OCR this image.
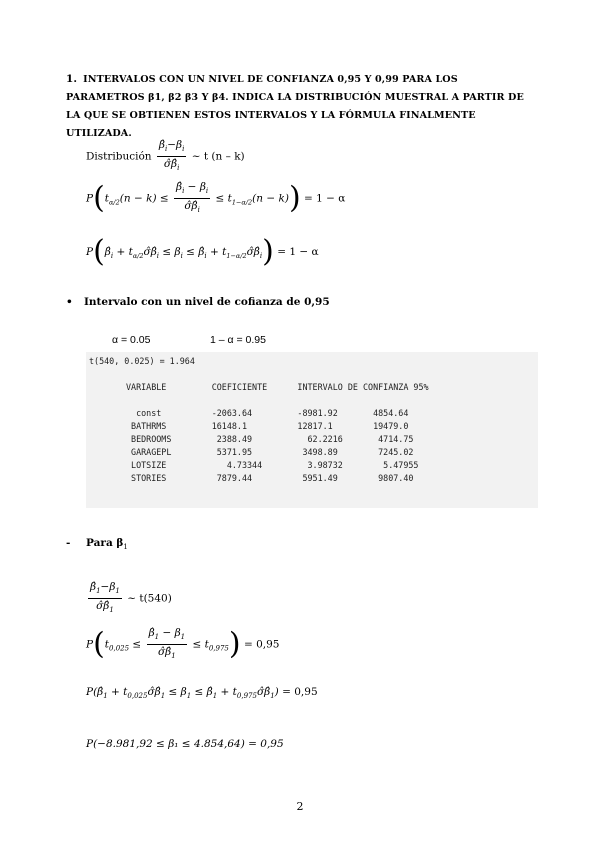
1. INTERVALOS CON UN NIVEL DE CONFIANZA 0,95 Y 0,99 PARA LOS PARAMETROS β1, β2 β3 Y β4. INDICA LA DISTRIBUCIÓN MUESTRAL A PARTIR DE LA QUE SE OBTIENEN ESTOS INTERVALOS Y LA FÓRMULA FINALMENTE UTILIZADA.
Distribución $\frac{\betâ_i-\beta_i}{\sigmâ\betâ_i}$ ~ t (n – k)
$P(t_{\alpha/2}(n - k) \le \frac{\betâ_i - \beta_i}{\sigmâ\betâ_i} \le t_{1-\alpha/2}(n - k)) = 1 - \alpha$
$P(\betâ_i$ + $t_{\alpha/2}\sigmâ\betâ_i \le \beta_i$ ≤ $\betâ_i$ + $t_{1-\alpha/2}\sigmâ\betâ_i) = 1 - \alpha$
• Intervalo con un nivel de cofianza de 0,95
α = 0.05	1 – α = 0.95
t(540, 0.025) = 1.964
VARIABLE         COEFICIENTE      INTERVALO DE CONFIANZA 95%
const          -2063.64         -8981.92       4854.64
BATHRMS         16148.1          12817.1        19479.0
BEDROOMS         2388.49           62.2216       4714.75
GARAGEPL         5371.95          3498.89        7245.02
LOTSIZE            4.73344         3.98732        5.47955
STORIES          7879.44          5951.49        9807.40
- Para $\beta_1$
$\frac{\betâ_1-\beta_1}{\sigmâ\betâ_1}$ ~ t(540)
$P(t_{0,025} \le \frac{\betâ_1 - \beta_1}{\sigmâ\betâ_1} \le t_{0,975}) = 0,95$
$P(\betâ_1$ + $t_{0,025}\sigmâ\betâ_1 \le \beta_1$ ≤ $\betâ_1$ + $t_{0,975}\sigmâ\betâ_1) = 0,95$
P(−8.981,92 ≤ β₁ ≤ 4.854,64) = 0,95
2
